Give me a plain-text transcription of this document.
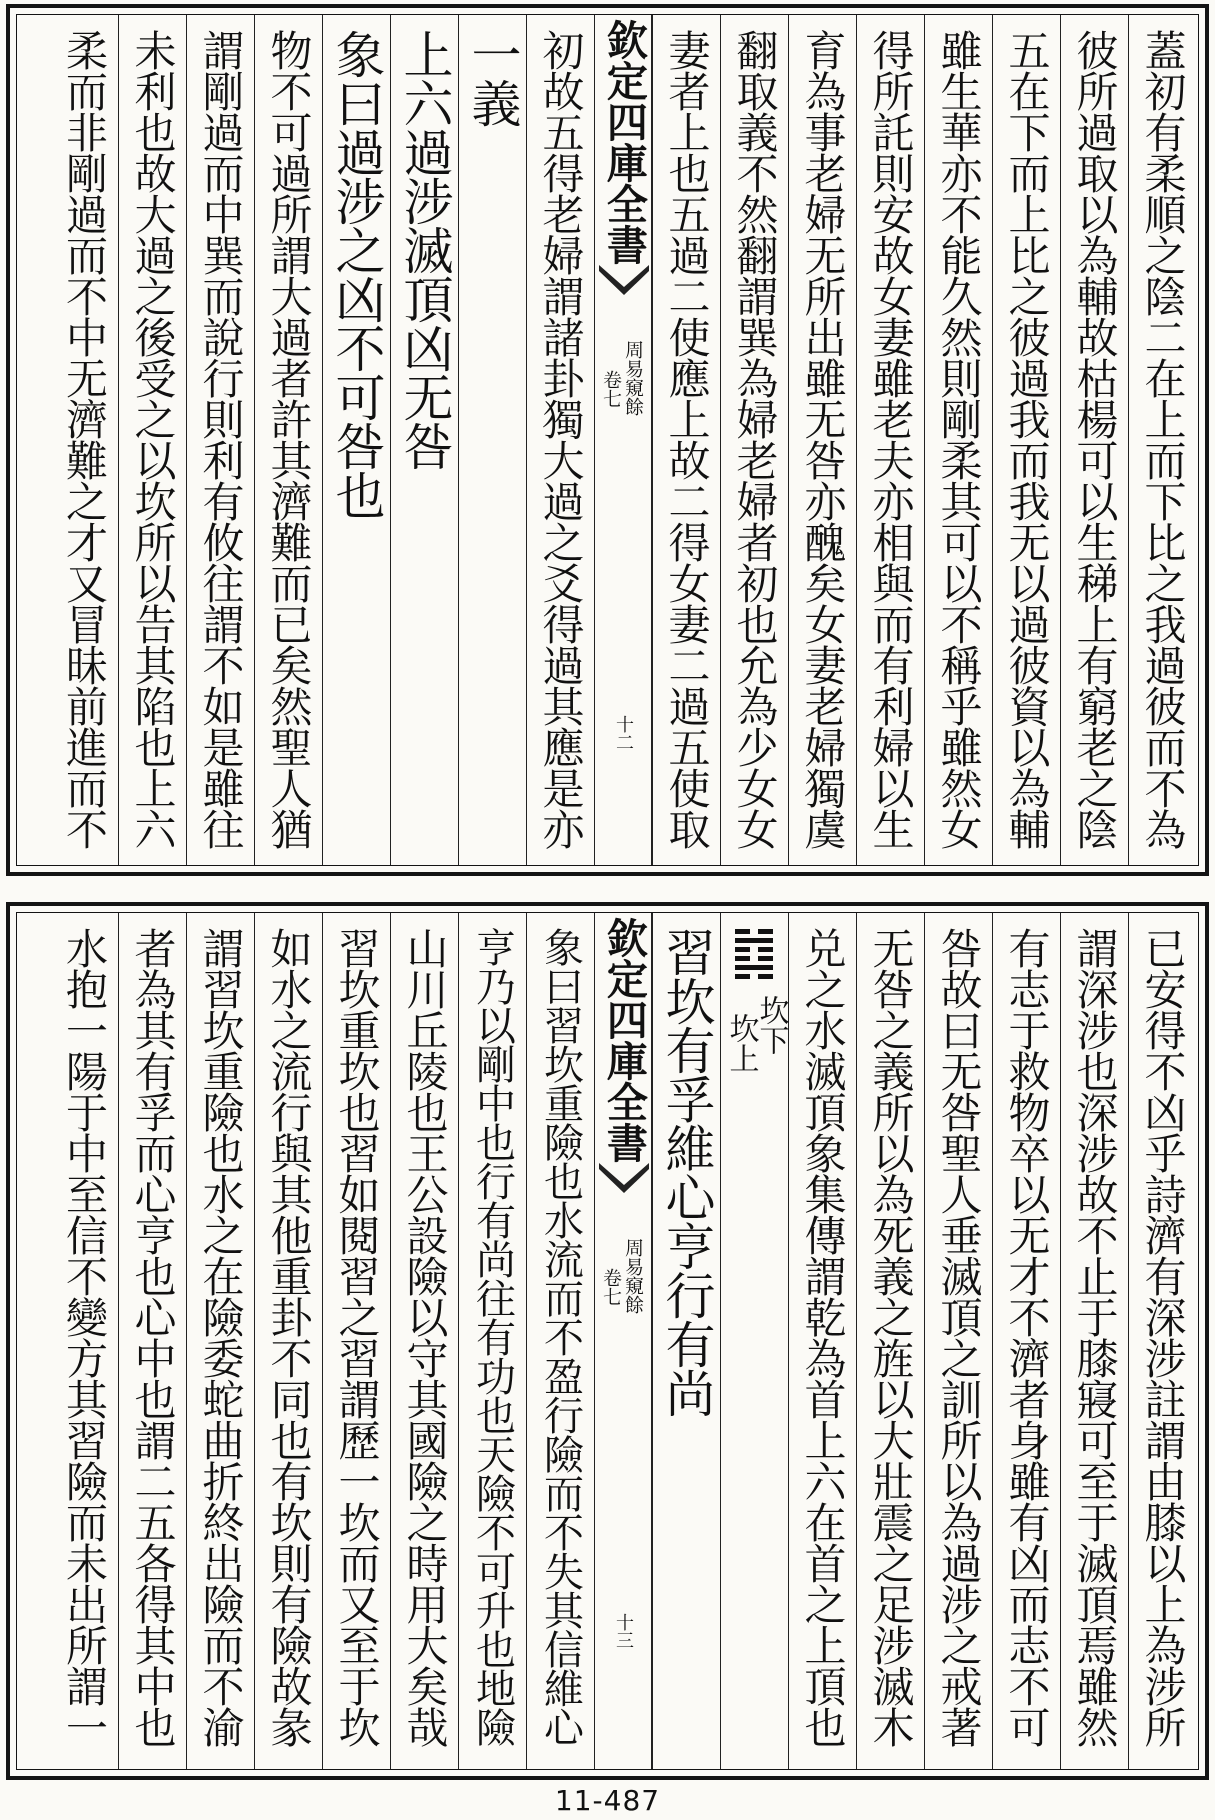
蓋初有柔順之陰二在上而下比之我過彼而不為
彼所過取以為輔故枯楊可以生稊上有窮老之陰
五在下而上比之彼過我而我无以過彼資以為輔
雖生華亦不能久然則剛柔其可以不稱乎雖然女
得所託則安故女妻雖老夫亦相與而有利婦以生
育為事老婦无所出雖无咎亦醜矣女妻老婦獨虞
翻取義不然翻謂巽為婦老婦者初也允為少女女
妻者上也五過二使應上故二得女妻二過五使取
欽定四庫全書
周易窺餘
卷七
十二
初故五得老婦謂諸卦獨大過之爻得過其應是亦
一義
上六過涉滅頂凶无咎
象曰過涉之凶不可咎也
物不可過所謂大過者許其濟難而已矣然聖人猶
謂剛過而中巽而說行則利有攸往謂不如是雖往
未利也故大過之後受之以坎所以告其陷也上六
柔而非剛過而不中无濟難之才又冒昧前進而不
已安得不凶乎詩濟有深涉註謂由膝以上為涉所
謂深涉也深涉故不止于膝寢可至于滅頂焉雖然
有志于救物卒以无才不濟者身雖有凶而志不可
咎故曰无咎聖人垂滅頂之訓所以為過涉之戒著
无咎之義所以為死義之旌以大壯震之足涉滅木
兑之水滅頂象集傳謂乾為首上六在首之上頂也
坎下
坎上
習坎有孚維心亨行有尚
欽定四庫全書
周易窺餘
卷七
十三
象曰習坎重險也水流而不盈行險而不失其信維心
亨乃以剛中也行有尚往有功也天險不可升也地險
山川丘陵也王公設險以守其國險之時用大矣哉
習坎重坎也習如閱習之習謂歷一坎而又至于坎
如水之流行與其他重卦不同也有坎則有險故彖
謂習坎重險也水之在險委蛇曲折終出險而不渝
者為其有孚而心亨也心中也謂二五各得其中也
水抱一陽于中至信不變方其習險而未出所謂一
11-487
